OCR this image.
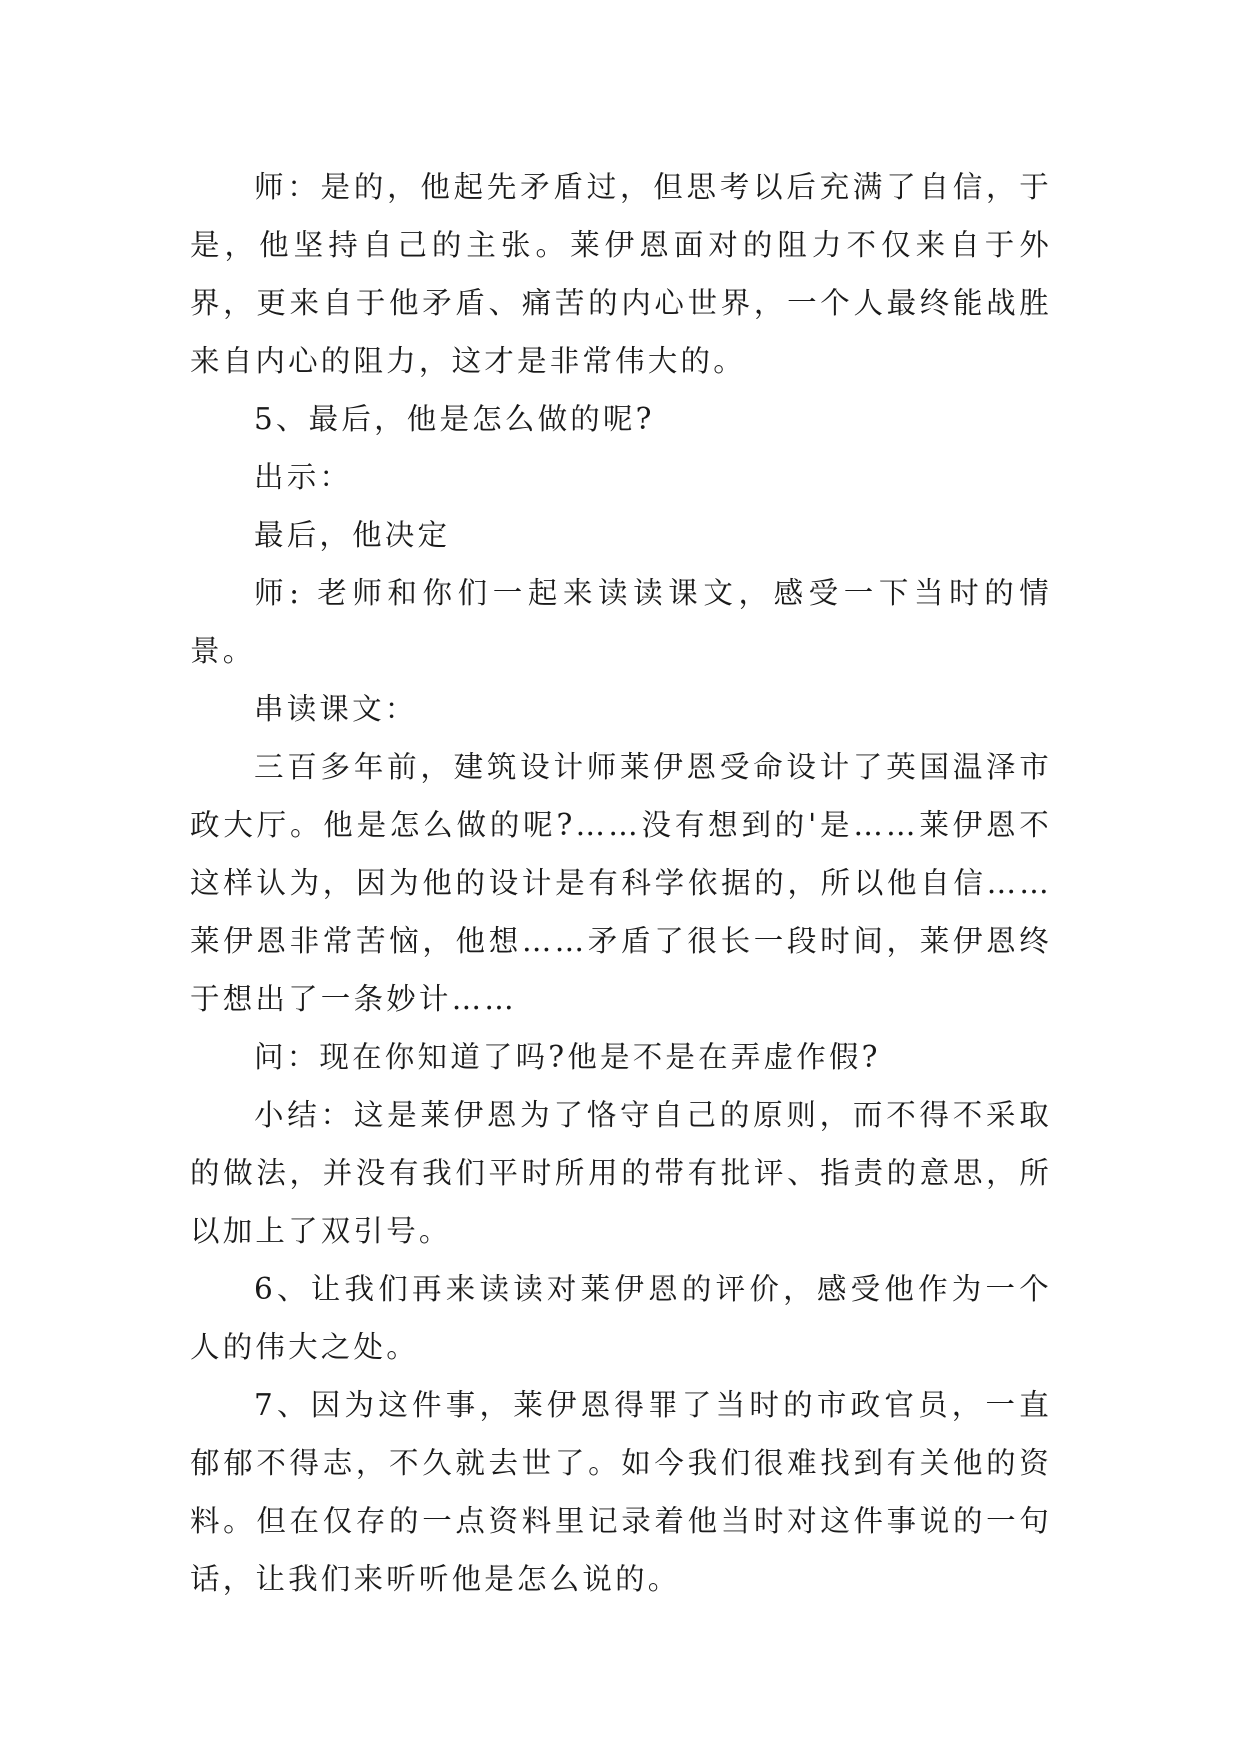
师：是的，他起先矛盾过，但思考以后充满了自信，于是，他坚持自己的主张。莱伊恩面对的阻力不仅来自于外界，更来自于他矛盾、痛苦的内心世界，一个人最终能战胜来自内心的阻力，这才是非常伟大的。

5、最后，他是怎么做的呢?

出示：

最后，他决定

师: 老师和你们一起来读读课文，感受一下当时的情景。

串读课文：

三百多年前，建筑设计师莱伊恩受命设计了英国温泽市政大厅。他是怎么做的呢?……没有想到的'是……莱伊恩不这样认为，因为他的设计是有科学依据的，所以他自信……莱伊恩非常苦恼，他想……矛盾了很长一段时间，莱伊恩终于想出了一条妙计……

问：现在你知道了吗?他是不是在弄虚作假?

小结：这是莱伊恩为了恪守自己的原则，而不得不采取的做法，并没有我们平时所用的带有批评、指责的意思，所以加上了双引号。

6、让我们再来读读对莱伊恩的评价，感受他作为一个人的伟大之处。

7、因为这件事，莱伊恩得罪了当时的市政官员，一直郁郁不得志，不久就去世了。如今我们很难找到有关他的资料。但在仅存的一点资料里记录着他当时对这件事说的一句话，让我们来听听他是怎么说的。
